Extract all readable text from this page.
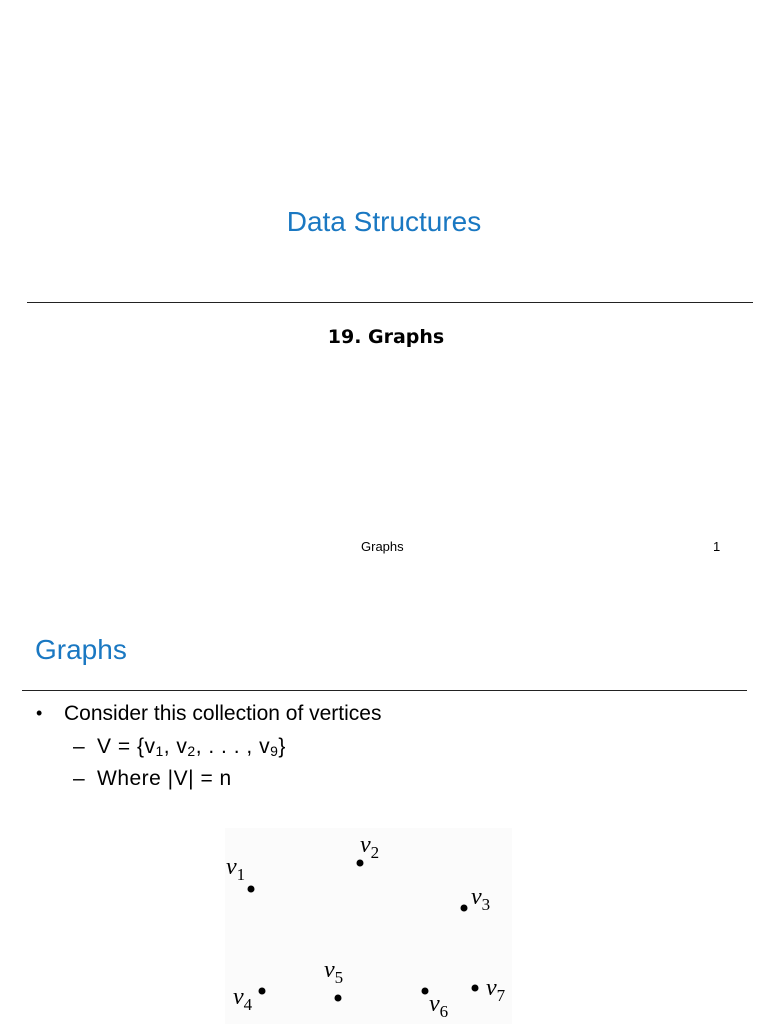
Data Structures
19. Graphs
Graphs	1
Graphs
• Consider this collection of vertices
– $V = \{v_1$, $v_2$, . . . , $v_9$}
– Where |V| = n
$v_1$
$v_2$
$v_3$
$v_4$
$v_5$
$v_6$
$v_7$
